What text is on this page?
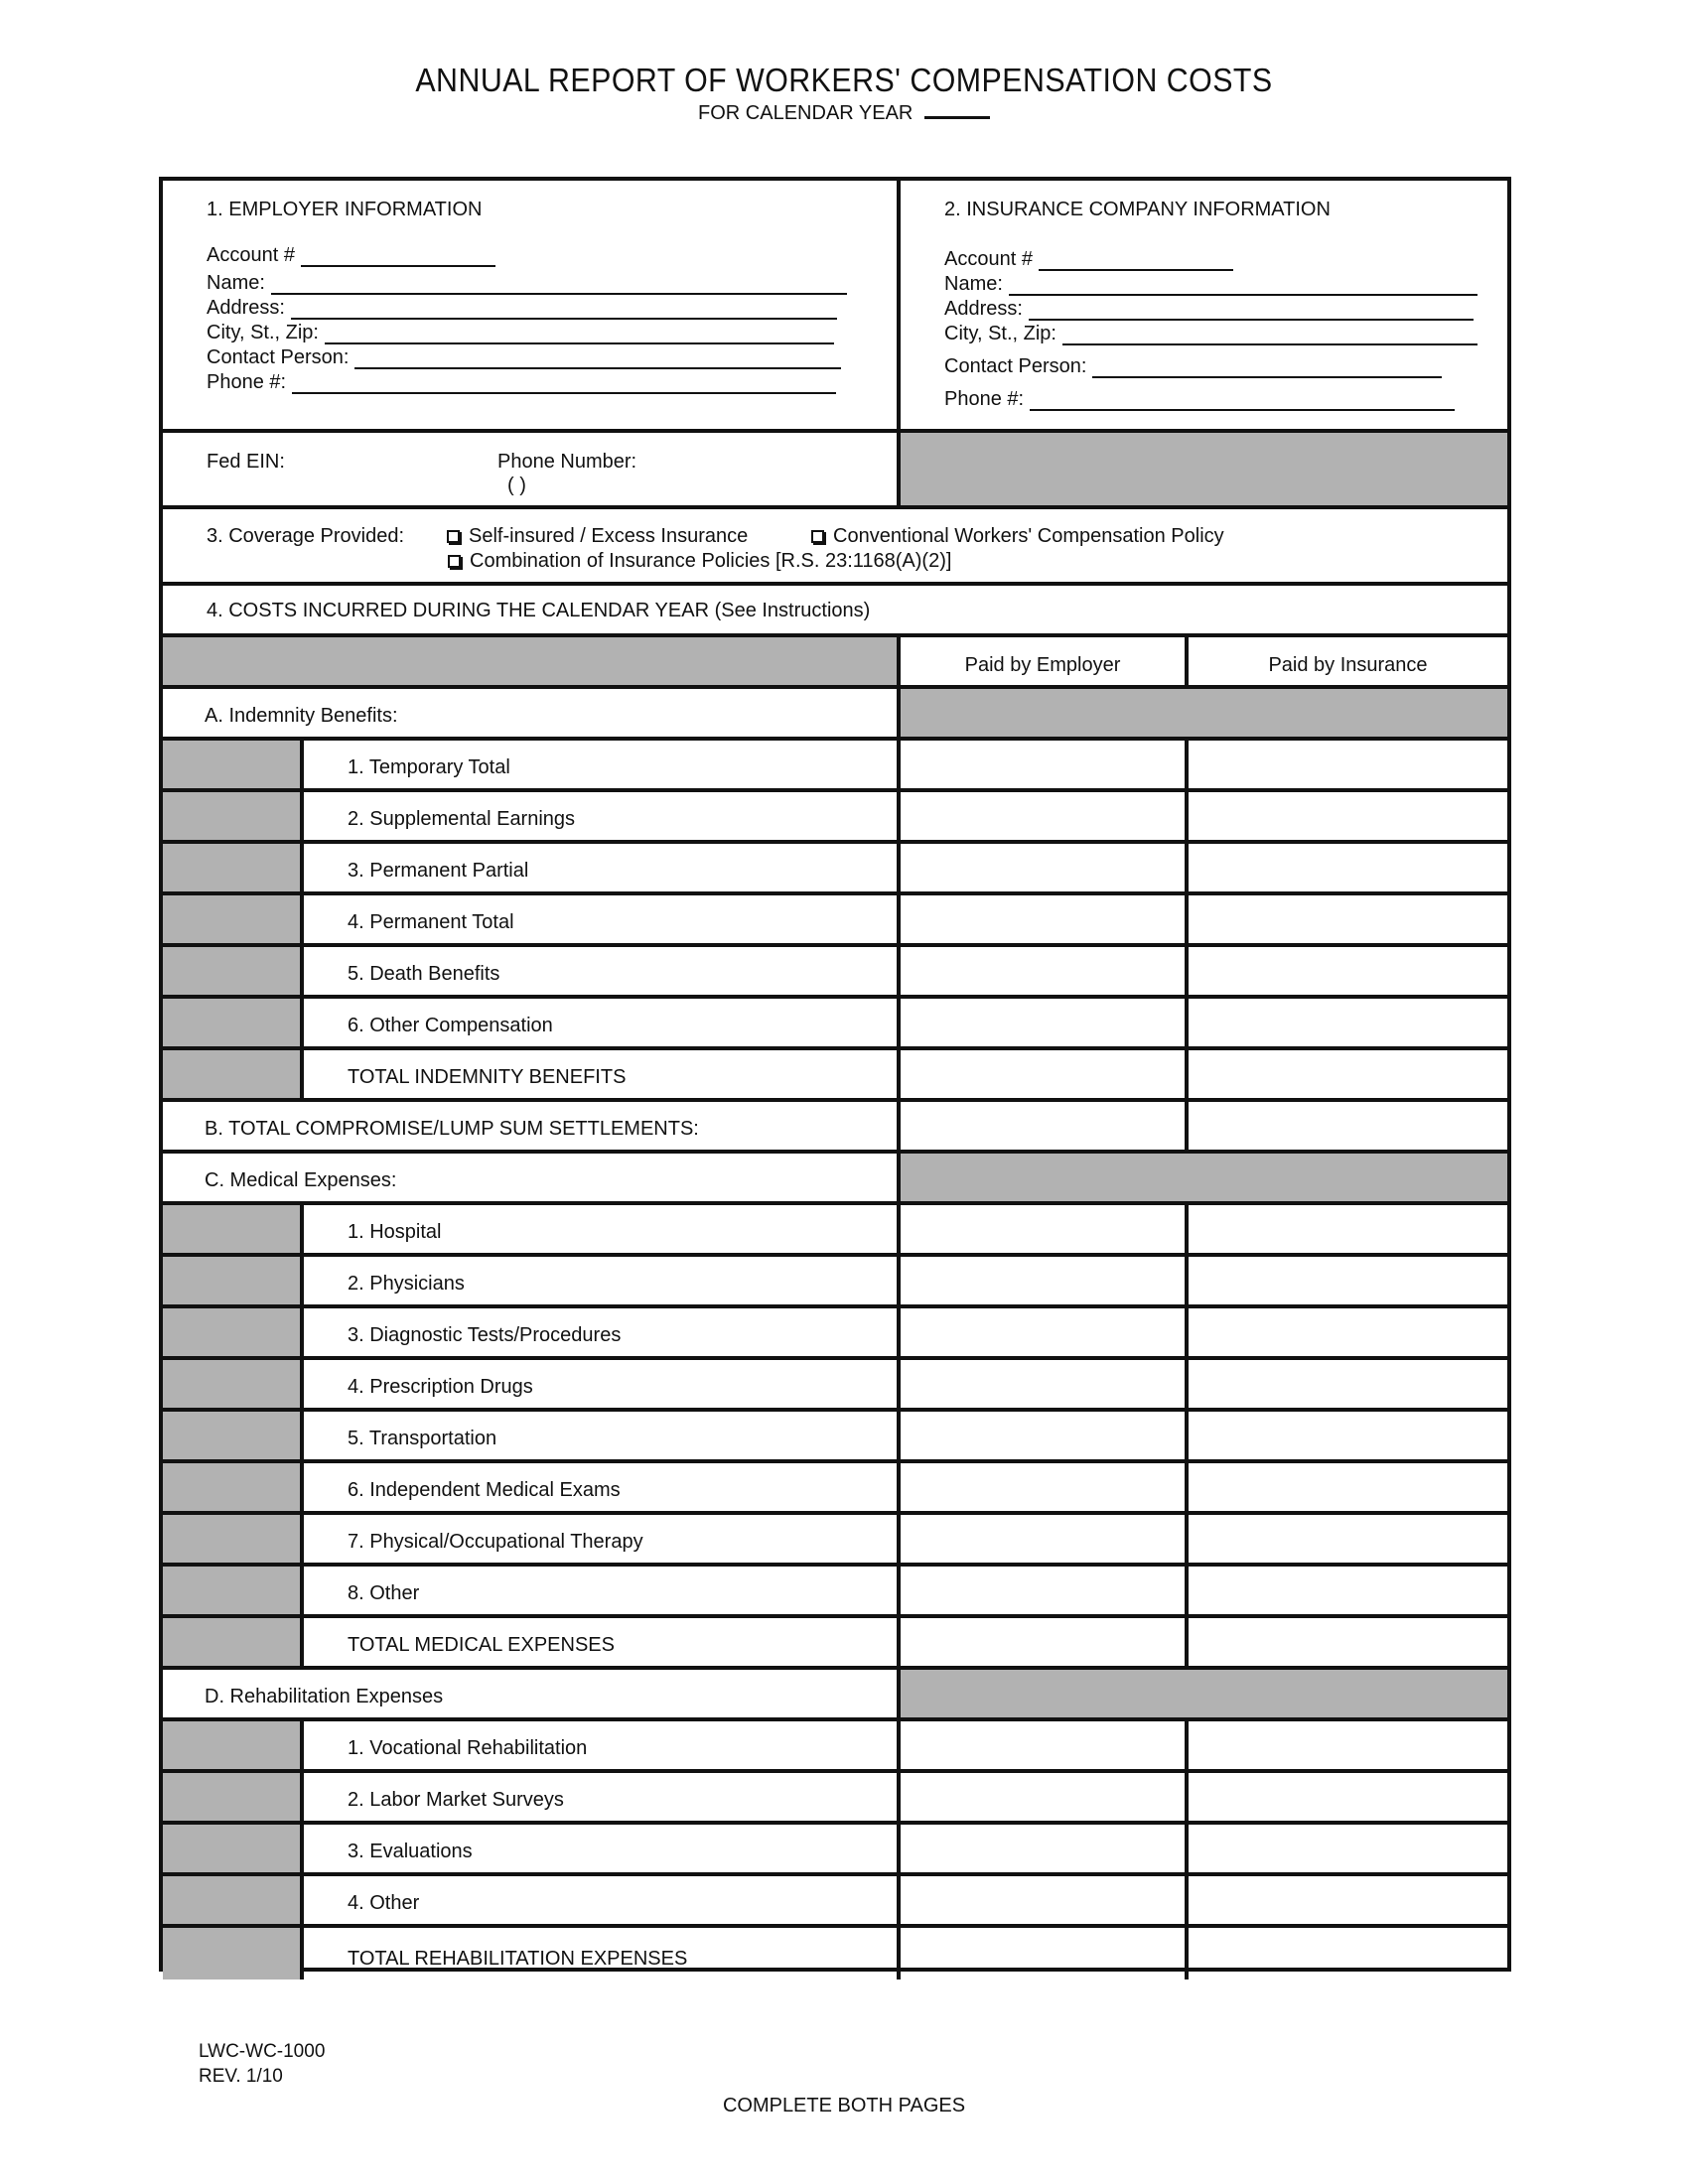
ANNUAL REPORT OF WORKERS' COMPENSATION COSTS
FOR CALENDAR YEAR
1. EMPLOYER INFORMATION
Account #
Name:
Address:
City, St., Zip:
Contact Person:
Phone #:
2. INSURANCE COMPANY INFORMATION
Account #
Name:
Address:
City, St., Zip:
Contact Person:
Phone #:
Fed EIN:	Phone Number:
( )
3. Coverage Provided:	Self-insured / Excess Insurance	Conventional Workers' Compensation Policy
Combination of Insurance Policies [R.S. 23:1168(A)(2)]
4. COSTS INCURRED DURING THE CALENDAR YEAR (See Instructions)
Paid by Employer	Paid by Insurance
A. Indemnity Benefits:
1. Temporary Total
2. Supplemental Earnings
3. Permanent Partial
4. Permanent Total
5. Death Benefits
6. Other Compensation
TOTAL INDEMNITY BENEFITS
B. TOTAL COMPROMISE/LUMP SUM SETTLEMENTS:
C. Medical Expenses:
1. Hospital
2. Physicians
3. Diagnostic Tests/Procedures
4. Prescription Drugs
5. Transportation
6. Independent Medical Exams
7. Physical/Occupational Therapy
8. Other
TOTAL MEDICAL EXPENSES
D. Rehabilitation Expenses
1. Vocational Rehabilitation
2. Labor Market Surveys
3. Evaluations
4. Other
TOTAL REHABILITATION EXPENSES
LWC-WC-1000
REV. 1/10
COMPLETE BOTH PAGES
